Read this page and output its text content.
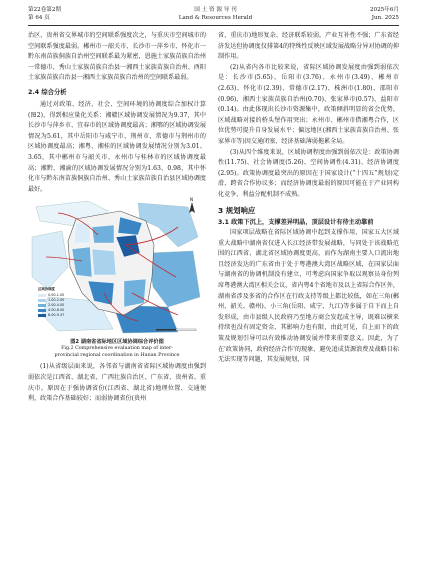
第22卷第2期
第 64 页
国 土 资 源 导 刊
Land & Resources Herald
2025年6月
Jun. 2025

治区、贵州省交界城市的空间联系强度次之，与重庆市空间城市的空间联系强度最弱。郴州市一韶关市、长沙市一萍乡市、怀化市一黔东南苗族侗族自治州空间联系最为紧密，恩施土家族苗族自治州一常德市、秀山土家族苗族自治县一湘西土家族苗族自治州、酉阳土家族苗族自治县一湘西土家族苗族自治州的空间联系最弱。

2.4 综合分析

通过对政策、经济、社会、空间环境的协调度综合加权计算(图2)，得到相应量化关系：湘赣区域协调发展情况为9.37，其中长沙市与萍乡市、宜春市的区域协调度最高；湘鄂的区域协调发展情况为5.61，其中岳阳市与咸宁市、荆州市、常德市与荆州市的区域协调度最高；湘粤、湘桂的区域协调发展情况分别为3.01、3.65，其中郴州市与韶关市、永州市与桂林市的区域协调度最高；湘黔、湘渝的区域协调发展情况分别为1.63、0.98，其中怀化市与黔东南苗族侗族自治州、秀山土家族苗族自治县区域协调度最好。

N
区域协调度
0.00-1.00
1.00-2.00
2.00-4.00
4.00-6.00
6.00-9.37
图2 湖南省省际地区区域协调综合评价图
Fig.2 Comprehensive evaluation map of inter-
provincial regional coordination in Hunan Province

(1)从省级层面来说，各邻省与湖南省省际区域协调度由强到弱依次是江西省、湖北省、广西壮族自治区、广东省、贵州省、重庆市。原因在于强协调省份(江西省、湖北省)地理位置、交通便利，政策合作基础较好；而弱协调省份(贵州

省、重庆市)地形复杂、经济联系较弱，产业互补性不强；广东省经济发达但协调度仅排第4的特殊性反映区域发展战略分异对协调的抑制作用。

(2)从省内各市比较来说，省际区域协调发展度由强到弱依次是：长沙市(5.65)、岳阳市(3.76)、永州市(3.49)、郴州市(2.63)、怀化市(2.39)、常德市(2.17)、株洲市(1.80)、邵阳市(0.96)、湘西土家族苗族自治州(0.70)、张家界市(0.57)、益阳市(0.14)。由此体现出长沙市资源集中，政策倾斜明显的省会优势，区域战略对接的桥头堡作用突出；永州市、郴州市借湘粤合作，区位优势可提升自身发展水平；偏远地区(湘西土家族苗族自治州、张家界市等)因交通闭塞、经济基础薄弱拖累全局。

(3)从四个维度来说，区域协调程度由强到弱依次是：政策协调性(11.75)、社会协调度(5.26)、空间协调性(4.31)、经济协调度(2.95)。政策协调度最突出的原因在于国家设计(“十四五”规划)定滑，跨省合作协议多；而经济协调度最弱的原因可能在于产业同构化竞争、利益分配机制不成熟。

3 规划响应
3.1 政策下沉上，支撑差异明晶，顶层设计有待主动靠前

国家项层战略在省际区域协调中起到支撑作用，国家五大区域重大战略中湖南省仅进入长江经济带发展战略，与同处于该战略范围的江西省、湖北省区域协调度更高，而作为湖南主要人口流出地且经济发达的广东省由于处于粤港澳大湾区战略区域，在国家层面与湖南省的协调机制没有建立，可考虑向国家争取以观察员身份列席粤港澳大湾区相关会议，省内粤4个省地市及以上省际合作区外，湖南省涉及多省的合作区在行政支持等级上都比较低，如在三角(郴州、韶关、赣州)、小三角(岳阳、咸宁、九江)等多属于自下而上自发形成，由市县级人民政府乃至地方商会发起成主导，既难以横来持续也没有固定资金、其影响力也有限，由此可见，自上而下的政策及规划引导可以有效推动协调发展并带来重要意义。因此，为了在'政策协同，政府经济合作'的现象，避免追成货源浪费及战略目标无法实现等问题，其发展规划，国
